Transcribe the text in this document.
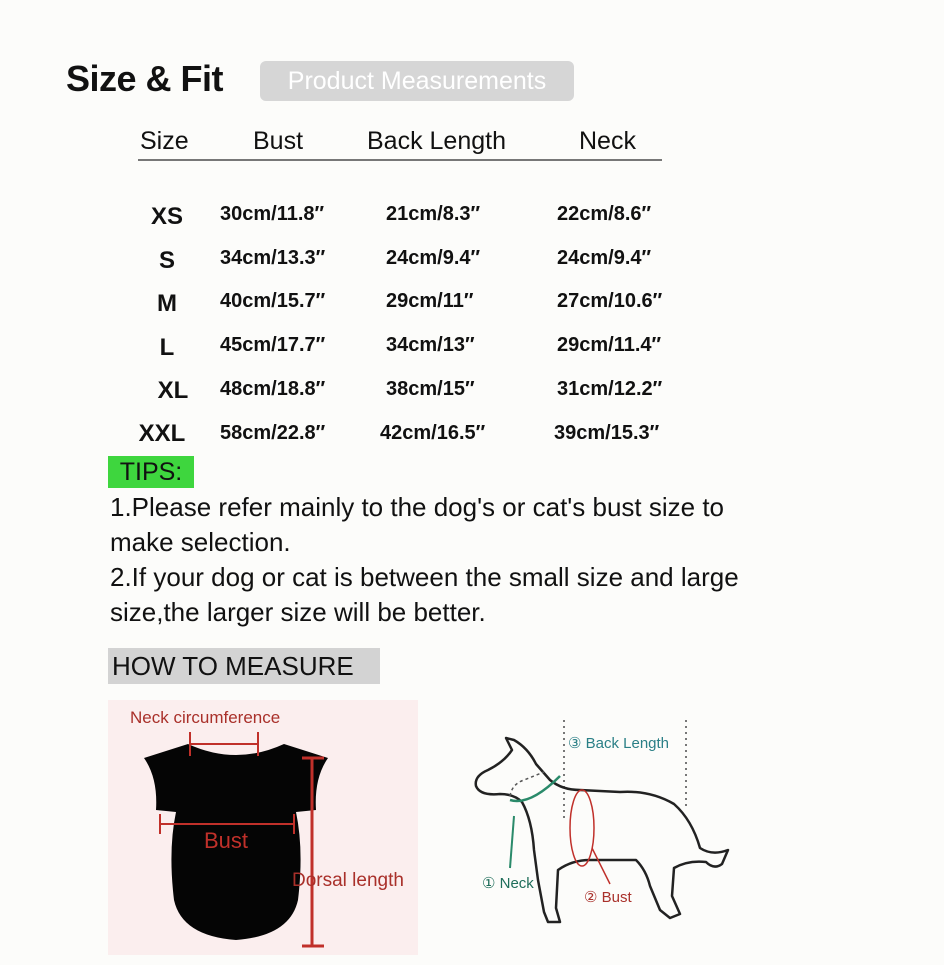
Size & Fit	Product Measurements
Size	Bust	Back Length	Neck
XS	30cm/11.8″	21cm/8.3″	22cm/8.6″
S	34cm/13.3″	24cm/9.4″	24cm/9.4″
M	40cm/15.7″	29cm/11″	27cm/10.6″
L	45cm/17.7″	34cm/13″	29cm/11.4″
XL	48cm/18.8″	38cm/15″	31cm/12.2″
XXL	58cm/22.8″	42cm/16.5″	39cm/15.3″
TIPS:
1.Please refer mainly to the dog's or cat's bust size to
make selection.
2.If your dog or cat is between the small size and large
size,the larger size will be better.
HOW TO MEASURE
Neck circumference
Bust
Dorsal length
③ Back Length
① Neck
② Bust
